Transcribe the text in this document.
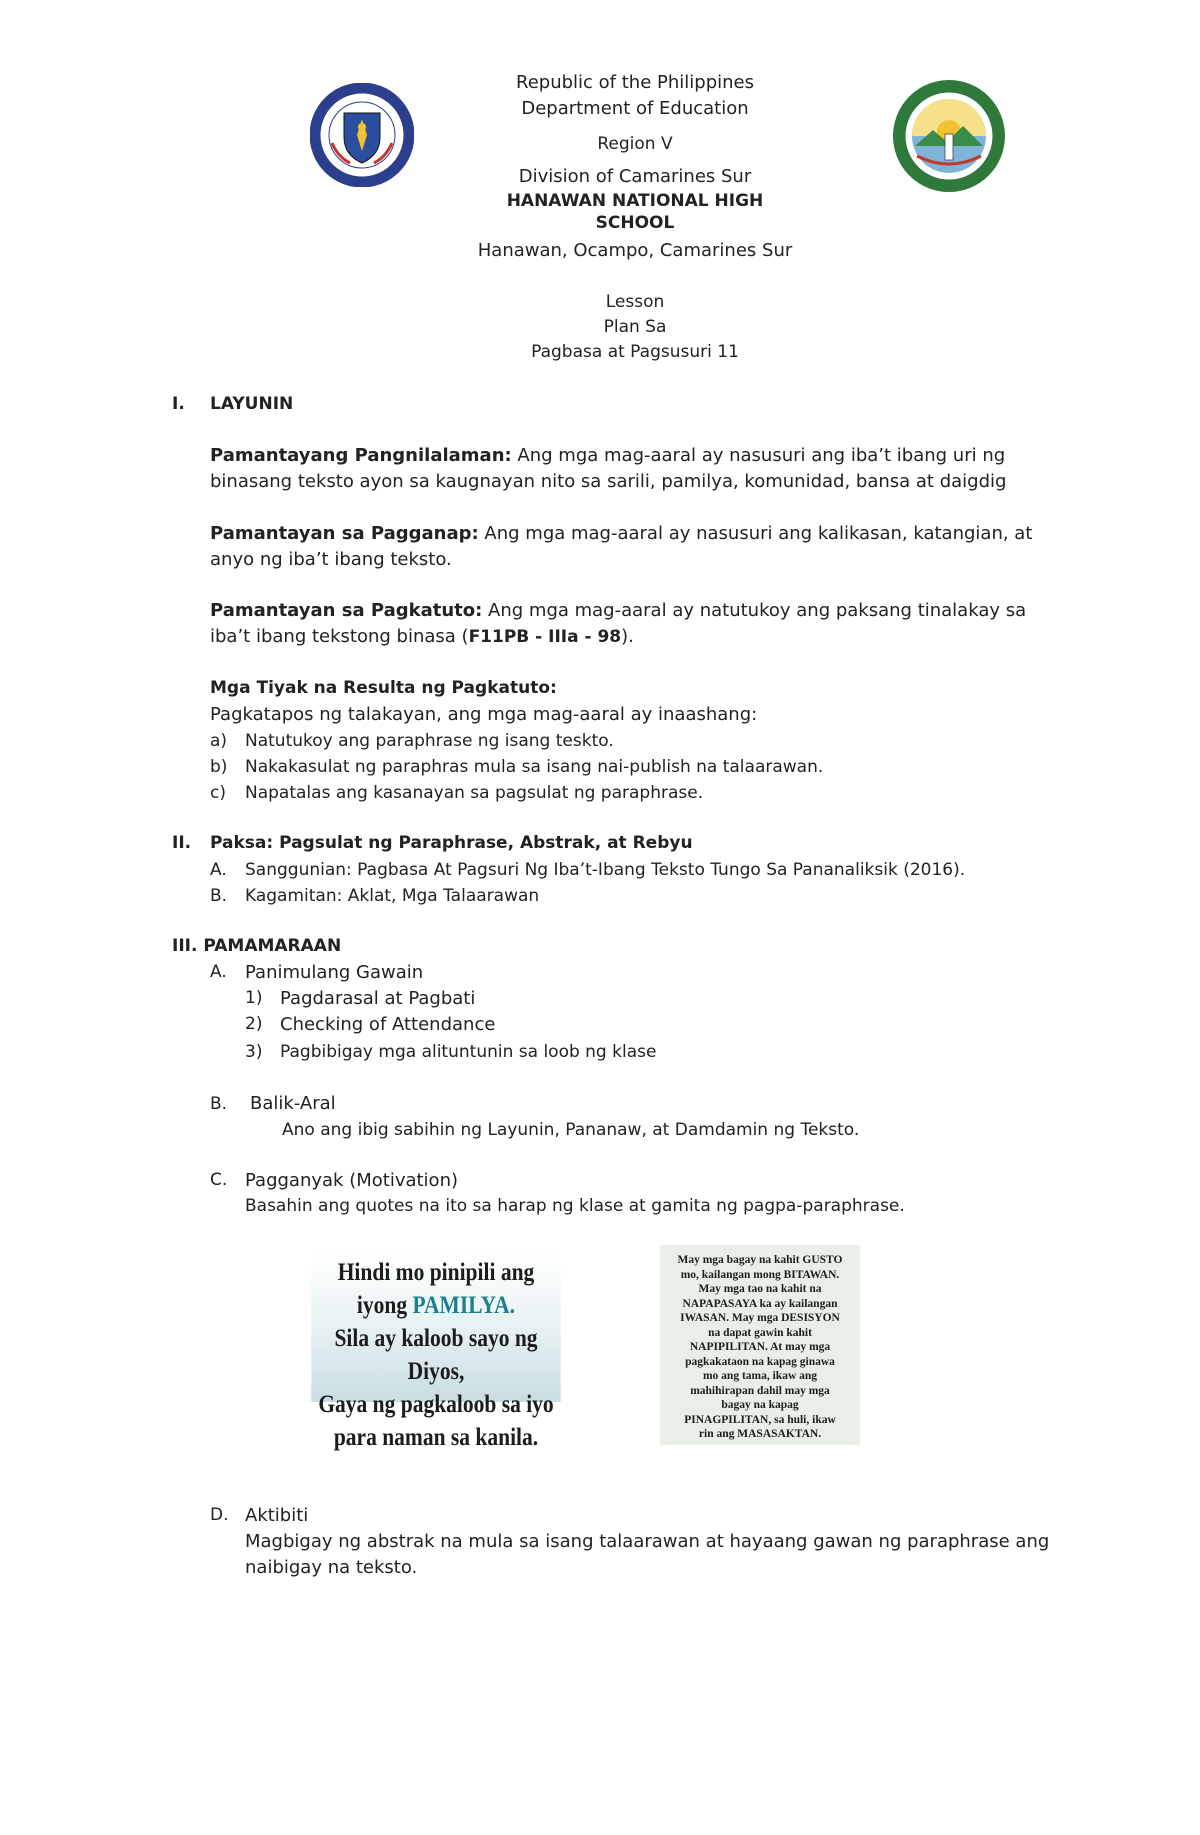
Republic of the Philippines
Department of Education
Region V
Division of Camarines Sur
HANAWAN NATIONAL HIGH
SCHOOL
Hanawan, Ocampo, Camarines Sur
Lesson
Plan Sa
Pagbasa at Pagsusuri 11
I. LAYUNIN
Pamantayang Pangnilalaman: Ang mga mag-aaral ay nasusuri ang iba’t ibang uri ng
binasang teksto ayon sa kaugnayan nito sa sarili, pamilya, komunidad, bansa at daigdig
Pamantayan sa Pagganap: Ang mga mag-aaral ay nasusuri ang kalikasan, katangian, at
anyo ng iba’t ibang teksto.
Pamantayan sa Pagkatuto: Ang mga mag-aaral ay natutukoy ang paksang tinalakay sa
iba’t ibang tekstong binasa (F11PB - IIIa - 98).
Mga Tiyak na Resulta ng Pagkatuto:
Pagkatapos ng talakayan, ang mga mag-aaral ay inaashang:
a) Natutukoy ang paraphrase ng isang teskto.
b) Nakakasulat ng paraphras mula sa isang nai-publish na talaarawan.
c) Napatalas ang kasanayan sa pagsulat ng paraphrase.
II. Paksa: Pagsulat ng Paraphrase, Abstrak, at Rebyu
A. Sanggunian: Pagbasa At Pagsuri Ng Iba’t-Ibang Teksto Tungo Sa Pananaliksik (2016).
B. Kagamitan: Aklat, Mga Talaarawan
III. PAMAMARAAN
A. Panimulang Gawain
1) Pagdarasal at Pagbati
2) Checking of Attendance
3) Pagbibigay mga alituntunin sa loob ng klase
B. Balik-Aral
Ano ang ibig sabihin ng Layunin, Pananaw, at Damdamin ng Teksto.
C. Pagganyak (Motivation)
Basahin ang quotes na ito sa harap ng klase at gamita ng pagpa-paraphrase.
Hindi mo pinipili ang
iyong PAMILYA.
Sila ay kaloob sayo ng Diyos,
Gaya ng pagkaloob sa iyo
para naman sa kanila.
May mga bagay na kahit GUSTO
mo, kailangan mong BITAWAN.
May mga tao na kahit na
NAPAPASAYA ka ay kailangan
IWASAN. May mga DESISYON
na dapat gawin kahit
NAPIPILITAN. At may mga
pagkakataon na kapag ginawa
mo ang tama, ikaw ang
mahihirapan dahil may mga
bagay na kapag
PINAGPILITAN, sa huli, ikaw
rin ang MASASAKTAN.
D. Aktibiti
Magbigay ng abstrak na mula sa isang talaarawan at hayaang gawan ng paraphrase ang
naibigay na teksto.
